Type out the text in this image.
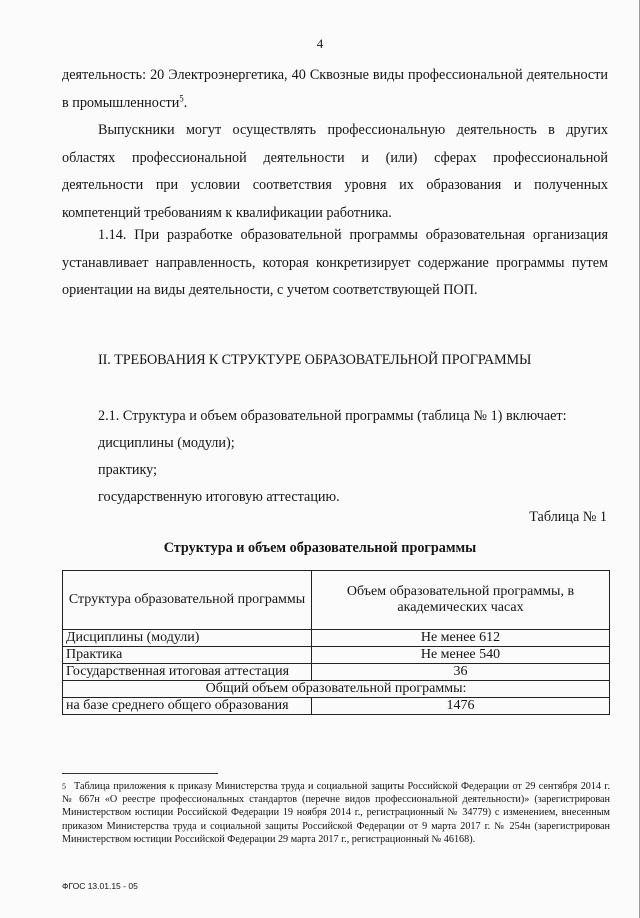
4
деятельность: 20 Электроэнергетика, 40 Сквозные виды профессиональной деятельности в промышленности$^5$.
Выпускники могут осуществлять профессиональную деятельность в других областях профессиональной деятельности и (или) сферах профессиональной деятельности при условии соответствия уровня их образования и полученных компетенций требованиям к квалификации работника.
1.14. При разработке образовательной программы образовательная организация устанавливает направленность, которая конкретизирует содержание программы путем ориентации на виды деятельности, с учетом соответствующей ПОП.
II. ТРЕБОВАНИЯ К СТРУКТУРЕ ОБРАЗОВАТЕЛЬНОЙ ПРОГРАММЫ
2.1. Структура и объем образовательной программы (таблица № 1) включает:
дисциплины (модули);
практику;
государственную итоговую аттестацию.
Таблица № 1
Структура и объем образовательной программы
Структура образовательной программы	Объем образовательной программы, в академических часах
Дисциплины (модули)	Не менее 612
Практика	Не менее 540
Государственная итоговая аттестация	36
Общий объем образовательной программы:	
на базе среднего общего образования	1476
5 Таблица приложения к приказу Министерства труда и социальной защиты Российской Федерации от 29 сентября 2014 г. № 667н «О реестре профессиональных стандартов (перечне видов профессиональной деятельности)» (зарегистрирован Министерством юстиции Российской Федерации 19 ноября 2014 г., регистрационный № 34779) с изменением, внесенным приказом Министерства труда и социальной защиты Российской Федерации от 9 марта 2017 г. № 254н (зарегистрирован Министерством юстиции Российской Федерации 29 марта 2017 г., регистрационный № 46168).
ФГОС 13.01.15 - 05
